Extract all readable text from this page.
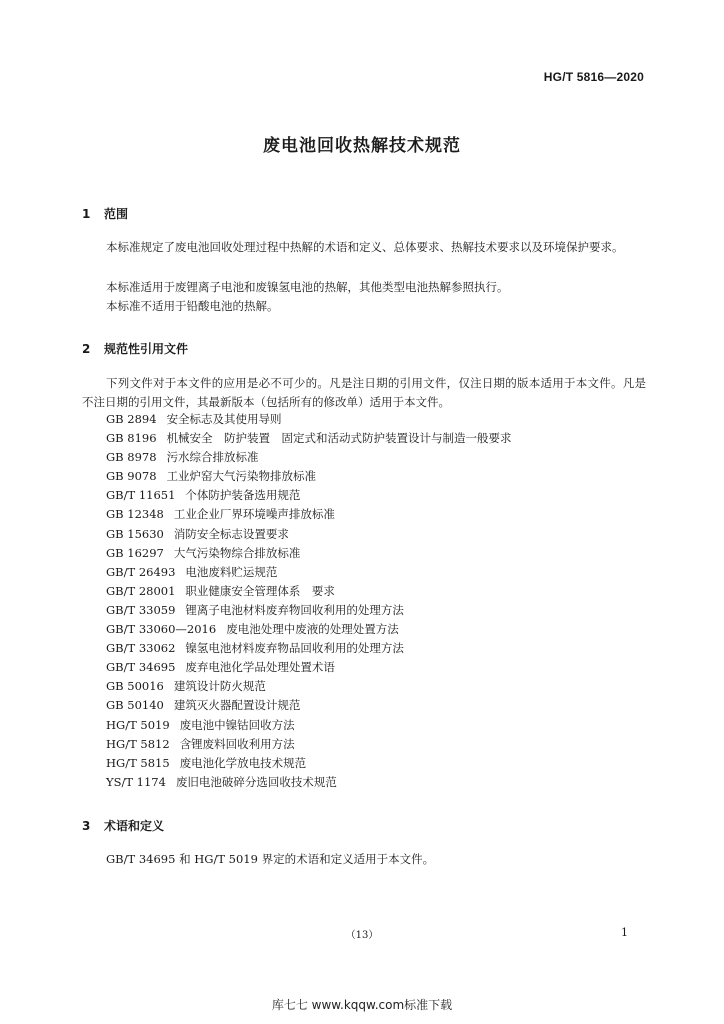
HG/T 5816—2020
废电池回收热解技术规范
1 范围
本标准规定了废电池回收处理过程中热解的术语和定义、总体要求、热解技术要求以及环境保护要求。
本标准适用于废锂离子电池和废镍氢电池的热解，其他类型电池热解参照执行。
本标准不适用于铅酸电池的热解。
2 规范性引用文件
下列文件对于本文件的应用是必不可少的。凡是注日期的引用文件，仅注日期的版本适用于本文件。凡是不注日期的引用文件，其最新版本（包括所有的修改单）适用于本文件。
GB 2894 安全标志及其使用导则
GB 8196 机械安全　防护装置　固定式和活动式防护装置设计与制造一般要求
GB 8978 污水综合排放标准
GB 9078 工业炉窑大气污染物排放标准
GB/T 11651 个体防护装备选用规范
GB 12348 工业企业厂界环境噪声排放标准
GB 15630 消防安全标志设置要求
GB 16297 大气污染物综合排放标准
GB/T 26493 电池废料贮运规范
GB/T 28001 职业健康安全管理体系　要求
GB/T 33059 锂离子电池材料废弃物回收利用的处理方法
GB/T 33060—2016 废电池处理中废液的处理处置方法
GB/T 33062 镍氢电池材料废弃物品回收利用的处理方法
GB/T 34695 废弃电池化学品处理处置术语
GB 50016 建筑设计防火规范
GB 50140 建筑灭火器配置设计规范
HG/T 5019 废电池中镍钴回收方法
HG/T 5812 含锂废料回收利用方法
HG/T 5815 废电池化学放电技术规范
YS/T 1174 废旧电池破碎分选回收技术规范
3 术语和定义
GB/T 34695 和 HG/T 5019 界定的术语和定义适用于本文件。
（13）	1
库七七 www.kqqw.com标准下载
